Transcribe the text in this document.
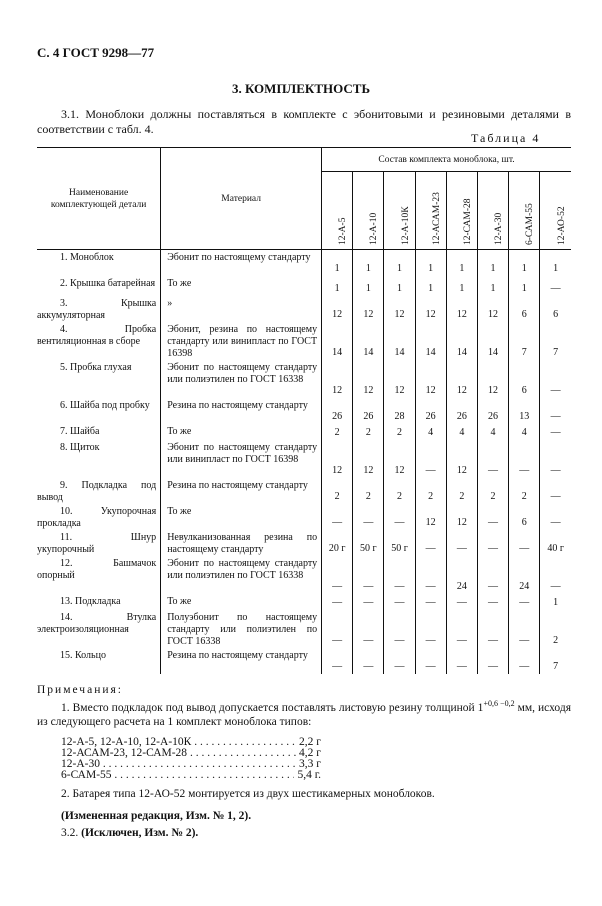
С. 4 ГОСТ 9298—77
3. КОМПЛЕКТНОСТЬ
3.1. Моноблоки должны поставляться в комплекте с эбонитовыми и резиновыми деталями в соответствии с табл. 4.
Таблица 4
Наименование комплектующей детали	Материал	Состав комплекта моноблока, шт.							

		12-А-5	12-А-10	12-А-10К	12-АСАМ-23	12-САМ-28	12-А-30	6-САМ-55	12-АО-52

1. Моноблок	Эбонит по настоящему стандарту	1	1	1	1	1	1	1	1
2. Крышка батарейная	То же	1	1	1	1	1	1	1	—
3. Крышка аккумуляторная	»	12	12	12	12	12	12	6	6
4. Пробка вентиляционная в сборе	Эбонит, резина по настоящему стандарту или винипласт по ГОСТ 16398	14	14	14	14	14	14	7	7
5. Пробка глухая	Эбонит по настоящему стандарту или полиэтилен по ГОСТ 16338	12	12	12	12	12	12	6	—
6. Шайба под пробку	Резина по настоящему стандарту	26	26	28	26	26	26	13	—
7. Шайба	То же	2	2	2	4	4	4	4	—
8. Щиток	Эбонит по настоящему стандарту или винипласт по ГОСТ 16398	12	12	12	—	12	—	—	—
9. Подкладка под вывод	Резина по настоящему стандарту	2	2	2	2	2	2	2	—
10. Укупорочная прокладка	То же	—	—	—	12	12	—	6	—
11. Шнур укупорочный	Невулканизованная резина по настоящему стандарту	20 г	50 г	50 г	—	—	—	—	40 г
12. Башмачок опорный	Эбонит по настоящему стандарту или полиэтилен по ГОСТ 16338	—	—	—	—	24	—	24	—
13. Подкладка	То же	—	—	—	—	—	—	—	1
14. Втулка электроизоляционная	Полуэбонит по настоящему стандарту или полиэтилен по ГОСТ 16338	—	—	—	—	—	—	—	2
15. Кольцо	Резина по настоящему стандарту	—	—	—	—	—	—	—	7
Примечания:
1. Вместо подкладок под вывод допускается поставлять листовую резину толщиной $1^{+0,6 -0,2}$ мм, исходя из следующего расчета на 1 комплект моноблока типов:
12-А-5, 12-А-10, 12-А-10К . . .	2,2 г
12-АСАМ-23, 12-САМ-28 . . .	4,2 г
12-А-30 . . .	3,3 г
6-САМ-55 . . .	5,4 г.
2. Батарея типа 12-АО-52 монтируется из двух шестикамерных моноблоков.
(Измененная редакция, Изм. № 1, 2).
3.2. (Исключен, Изм. № 2).
